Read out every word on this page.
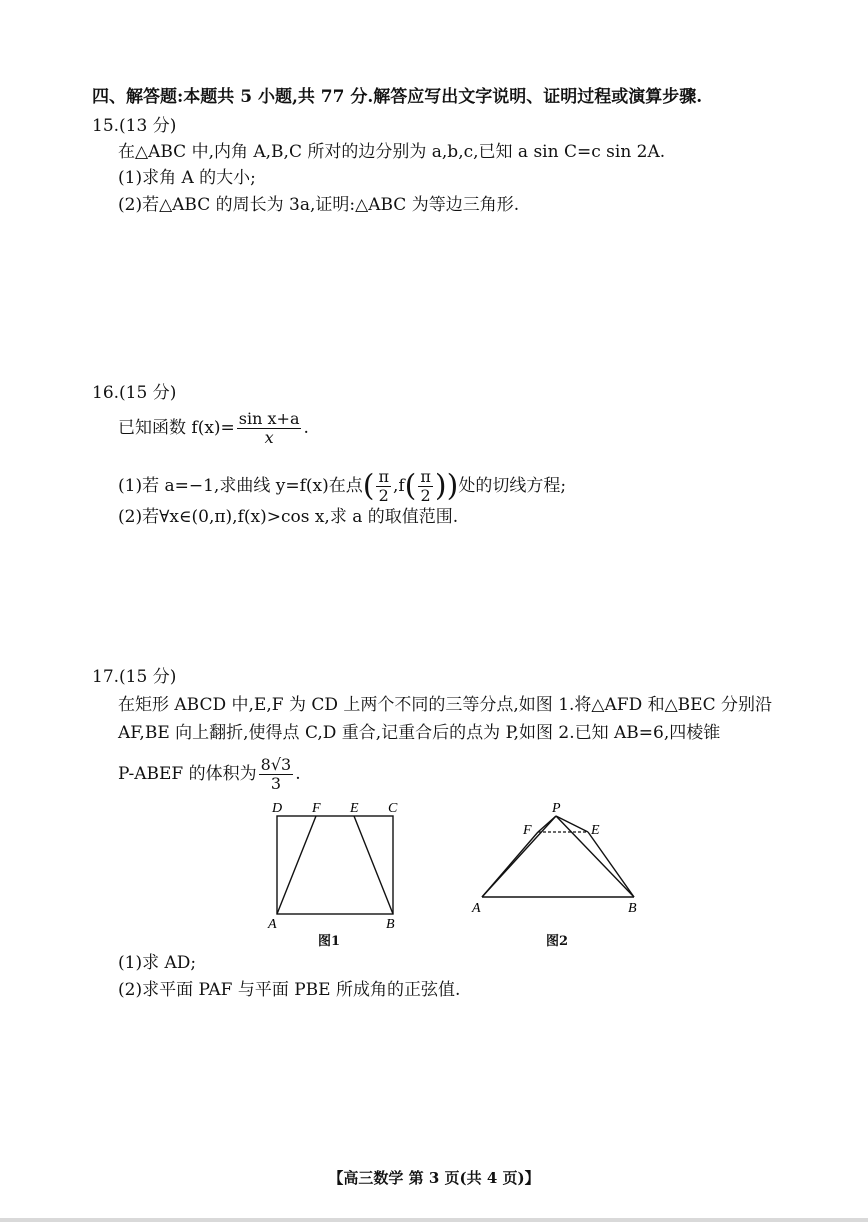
四、解答题:本题共 5 小题,共 77 分.解答应写出文字说明、证明过程或演算步骤.
15.(13 分)
在△ABC 中,内角 A,B,C 所对的边分别为 a,b,c,已知 a sin C=c sin 2A.
(1)求角 A 的大小;
(2)若△ABC 的周长为 3a,证明:△ABC 为等边三角形.
16.(15 分)
已知函数 $f(x)= \frac{\text{sin x+a}}{x}$ .
(1)若 a=−1,求曲线 y=f(x)在点( $\frac{\pi}{2} ,f( \frac{\pi}{2}$ ))处的切线方程;
(2)若∀x∈(0,π),f(x)>cos x,求 a 的取值范围.
17.(15 分)
在矩形 ABCD 中,E,F 为 CD 上两个不同的三等分点,如图 1.将△AFD 和△BEC 分别沿
AF,BE 向上翻折,使得点 C,D 重合,记重合后的点为 P,如图 2.已知 AB=6,四棱锥
P-ABEF 的体积为 $\frac{8√3}{3}$ .
D F E C
A	B
图1
P
F	E
A	B
图2
(1)求 AD;
(2)求平面 PAF 与平面 PBE 所成角的正弦值.
【高三数学 第 3 页(共 4 页)】
